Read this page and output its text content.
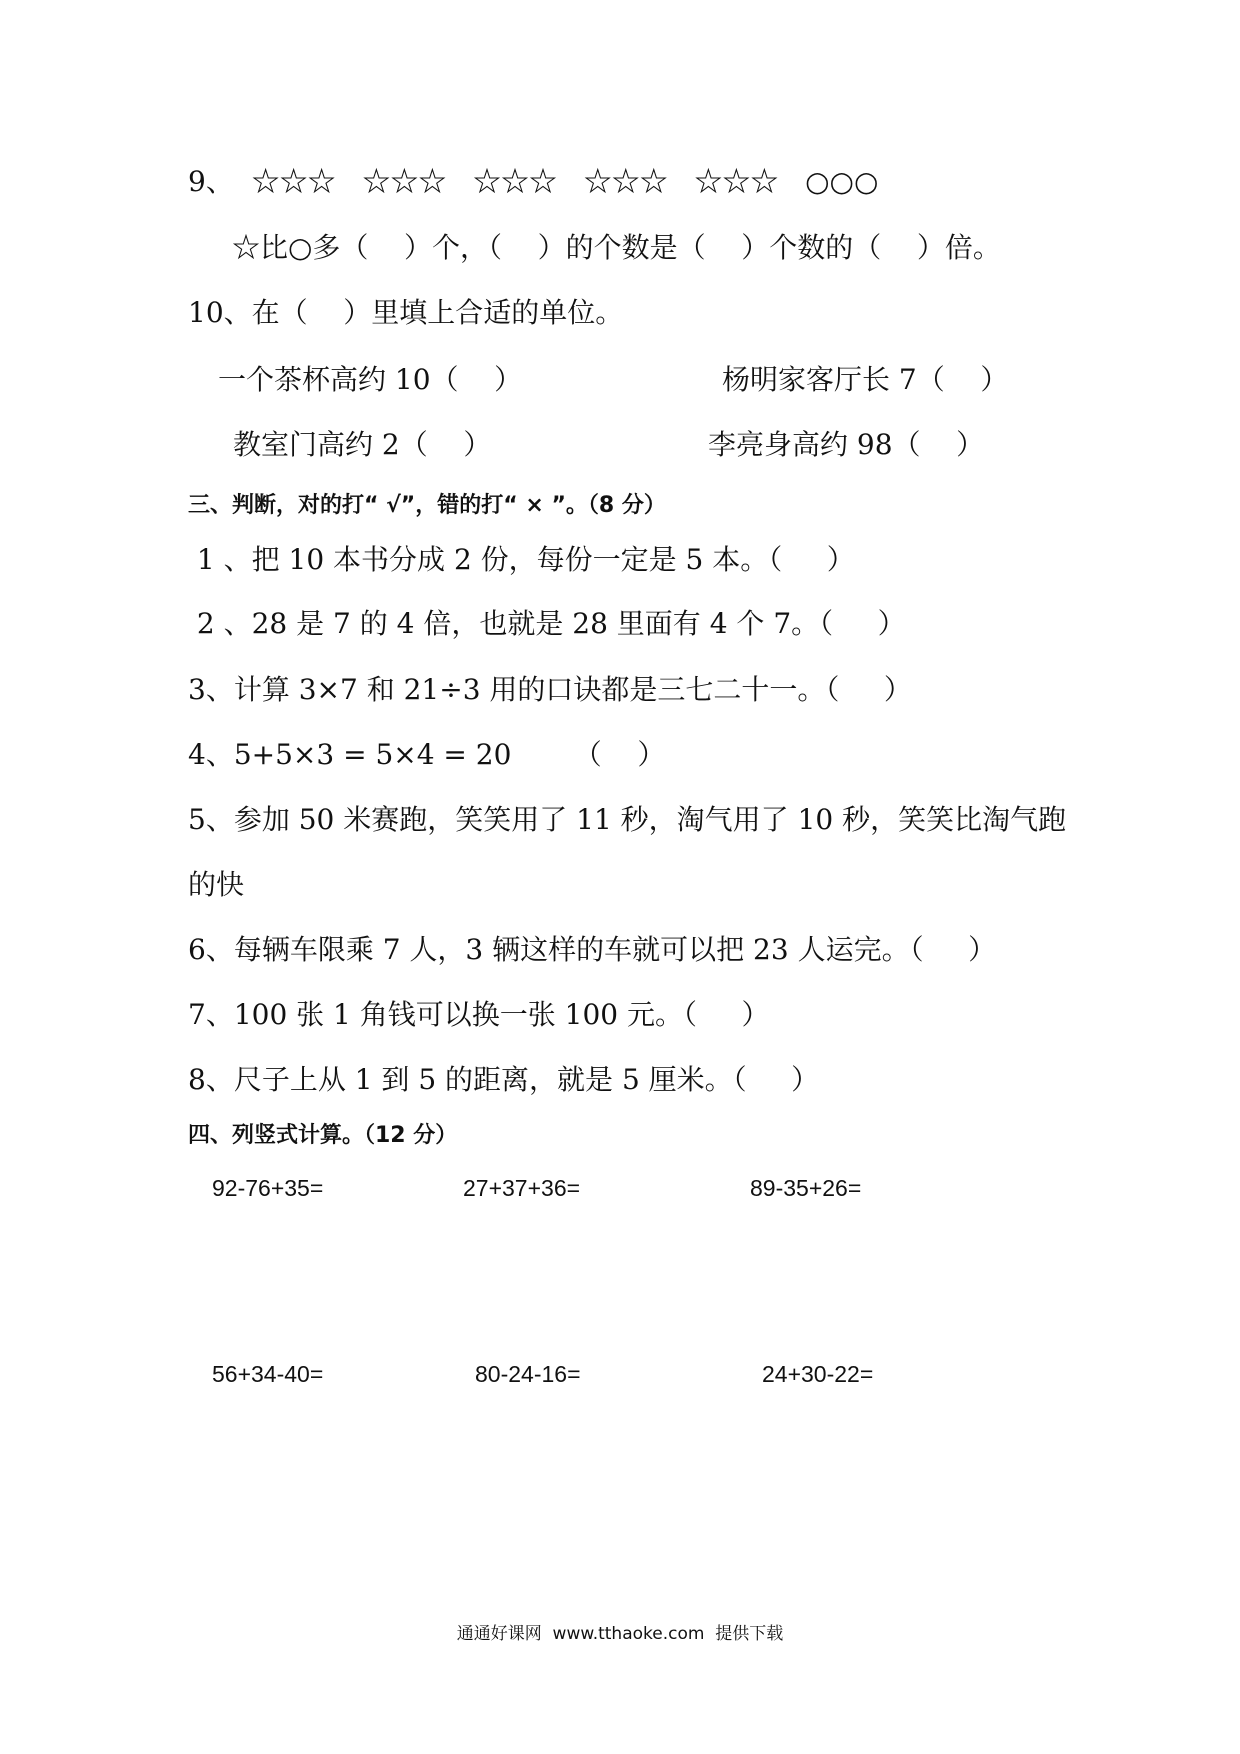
9、  ☆☆☆   ☆☆☆   ☆☆☆   ☆☆☆   ☆☆☆   ○○○
☆比○多（    ）个，（    ）的个数是（    ）个数的（    ）倍。
10、在（    ）里填上合适的单位。
一个茶杯高约 10（    ）	杨明家客厅长 7（    ）
教室门高约 2（    ）	李亮身高约 98（    ）
三、判断，对的打“ √”，错的打“ × ”。（8 分）
1 、把 10 本书分成 2 份，每份一定是 5 本。（     ）
2 、28 是 7 的 4 倍，也就是 28 里面有 4 个 7。（     ）
3、计算 3×7 和 21÷3 用的口诀都是三七二十一。（     ）
4、5+5×3 = 5×4 = 20       （    ）
5、参加 50 米赛跑，笑笑用了 11 秒，淘气用了 10 秒，笑笑比淘气跑
的快
6、每辆车限乘 7 人，3 辆这样的车就可以把 23 人运完。（     ）
7、100 张 1 角钱可以换一张 100 元。（     ）
8、尺子上从 1 到 5 的距离，就是 5 厘米。（     ）
四、列竖式计算。（12 分）
92-76+35=	27+37+36=	89-35+26=
56+34-40=	80-24-16=	24+30-22=
通通好课网  www.tthaoke.com  提供下载
